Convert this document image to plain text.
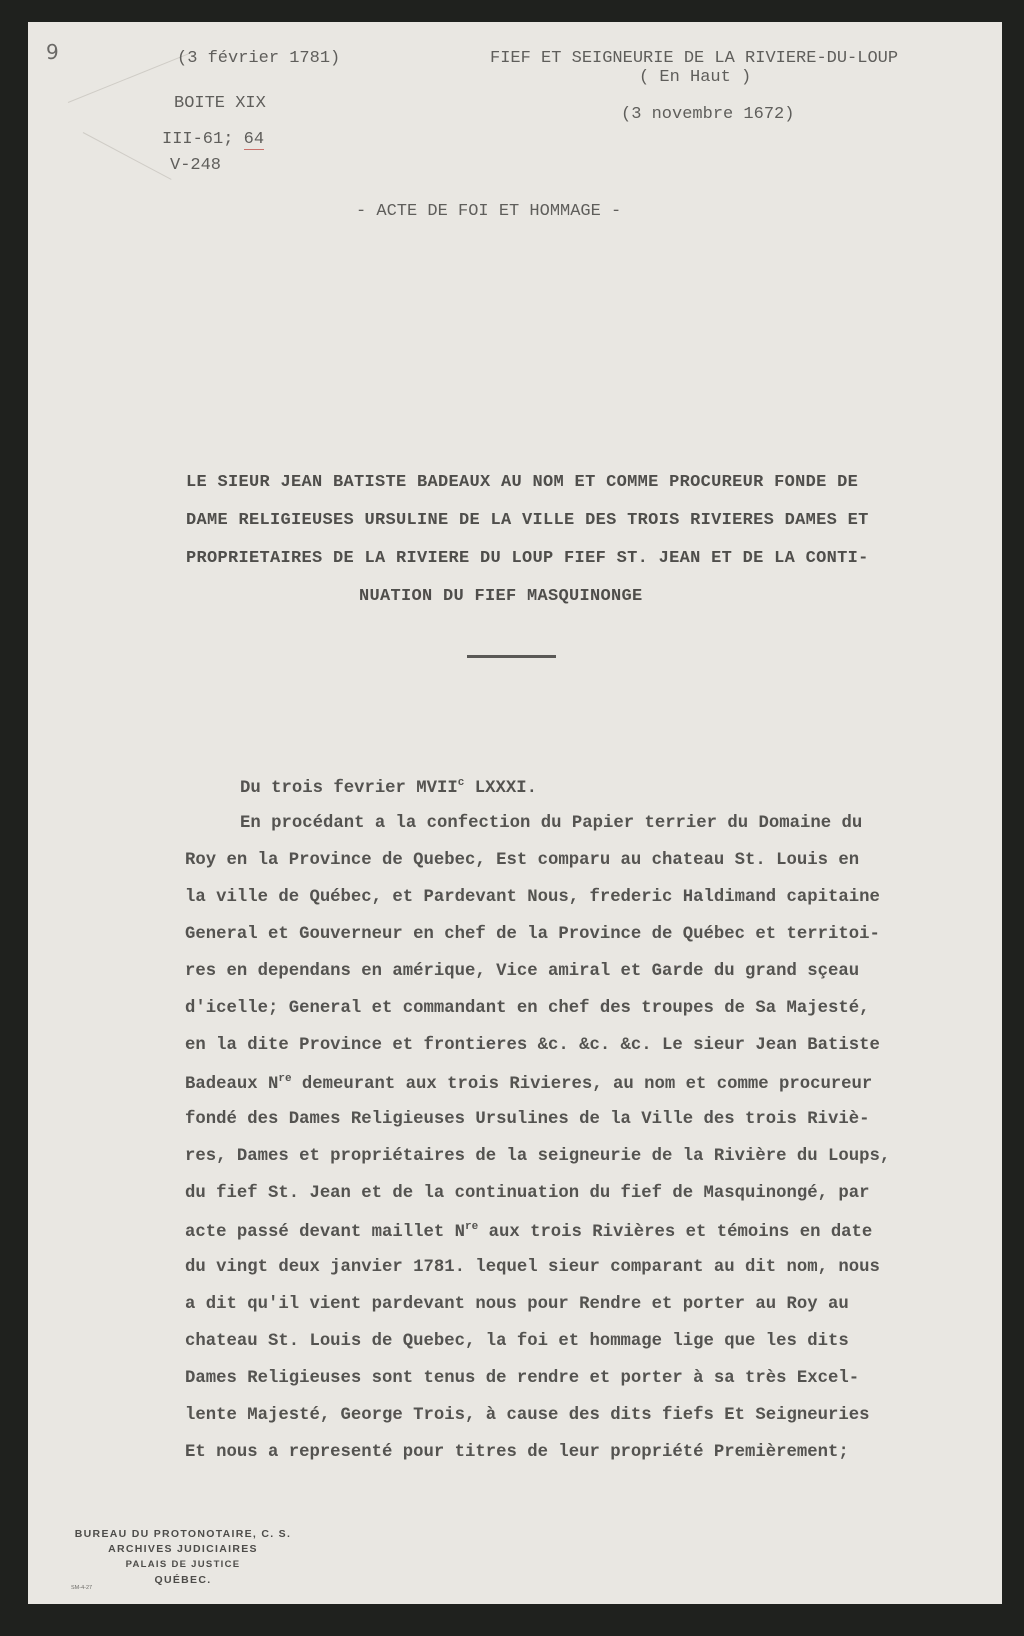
9	(3 février 1781)
BOITE XIX
III-61; 64
V-248
FIEF ET SEIGNEURIE DE LA RIVIERE-DU-LOUP
( En Haut )
(3 novembre 1672)
- ACTE DE FOI ET HOMMAGE -
LE SIEUR JEAN BATISTE BADEAUX AU NOM ET COMME PROCUREUR FONDE DE
DAME RELIGIEUSES URSULINE DE LA VILLE DES TROIS RIVIERES DAMES ET
PROPRIETAIRES DE LA RIVIERE DU LOUP FIEF ST. JEAN ET DE LA CONTI-
NUATION DU FIEF MASQUINONGE
Du trois fevrier MVII$^c$ LXXXI.
En procédant a la confection du Papier terrier du Domaine du
Roy en la Province de Quebec, Est comparu au chateau St. Louis en
la ville de Québec, et Pardevant Nous, frederic Haldimand capitaine
General et Gouverneur en chef de la Province de Québec et territoi-
res en dependans en amérique, Vice amiral et Garde du grand sçeau
d'icelle; General et commandant en chef des troupes de Sa Majesté,
en la dite Province et frontieres &c. &c. &c. Le sieur Jean Batiste
Badeaux $N^{re}$ demeurant aux trois Rivieres, au nom et comme procureur
fondé des Dames Religieuses Ursulines de la Ville des trois Riviè-
res, Dames et propriétaires de la seigneurie de la Rivière du Loups,
du fief St. Jean et de la continuation du fief de Masquinongé, par
acte passé devant maillet $N^{re}$ aux trois Rivières et témoins en date
du vingt deux janvier 1781. lequel sieur comparant au dit nom, nous
a dit qu'il vient pardevant nous pour Rendre et porter au Roy au
chateau St. Louis de Quebec, la foi et hommage lige que les dits
Dames Religieuses sont tenus de rendre et porter à sa très Excel-
lente Majesté, George Trois, à cause des dits fiefs Et Seigneuries
Et nous a representé pour titres de leur propriété Premièrement;
BUREAU DU PROTONOTAIRE, C. S.
ARCHIVES JUDICIAIRES
PALAIS DE JUSTICE
QUÉBEC.
SM-4-27
